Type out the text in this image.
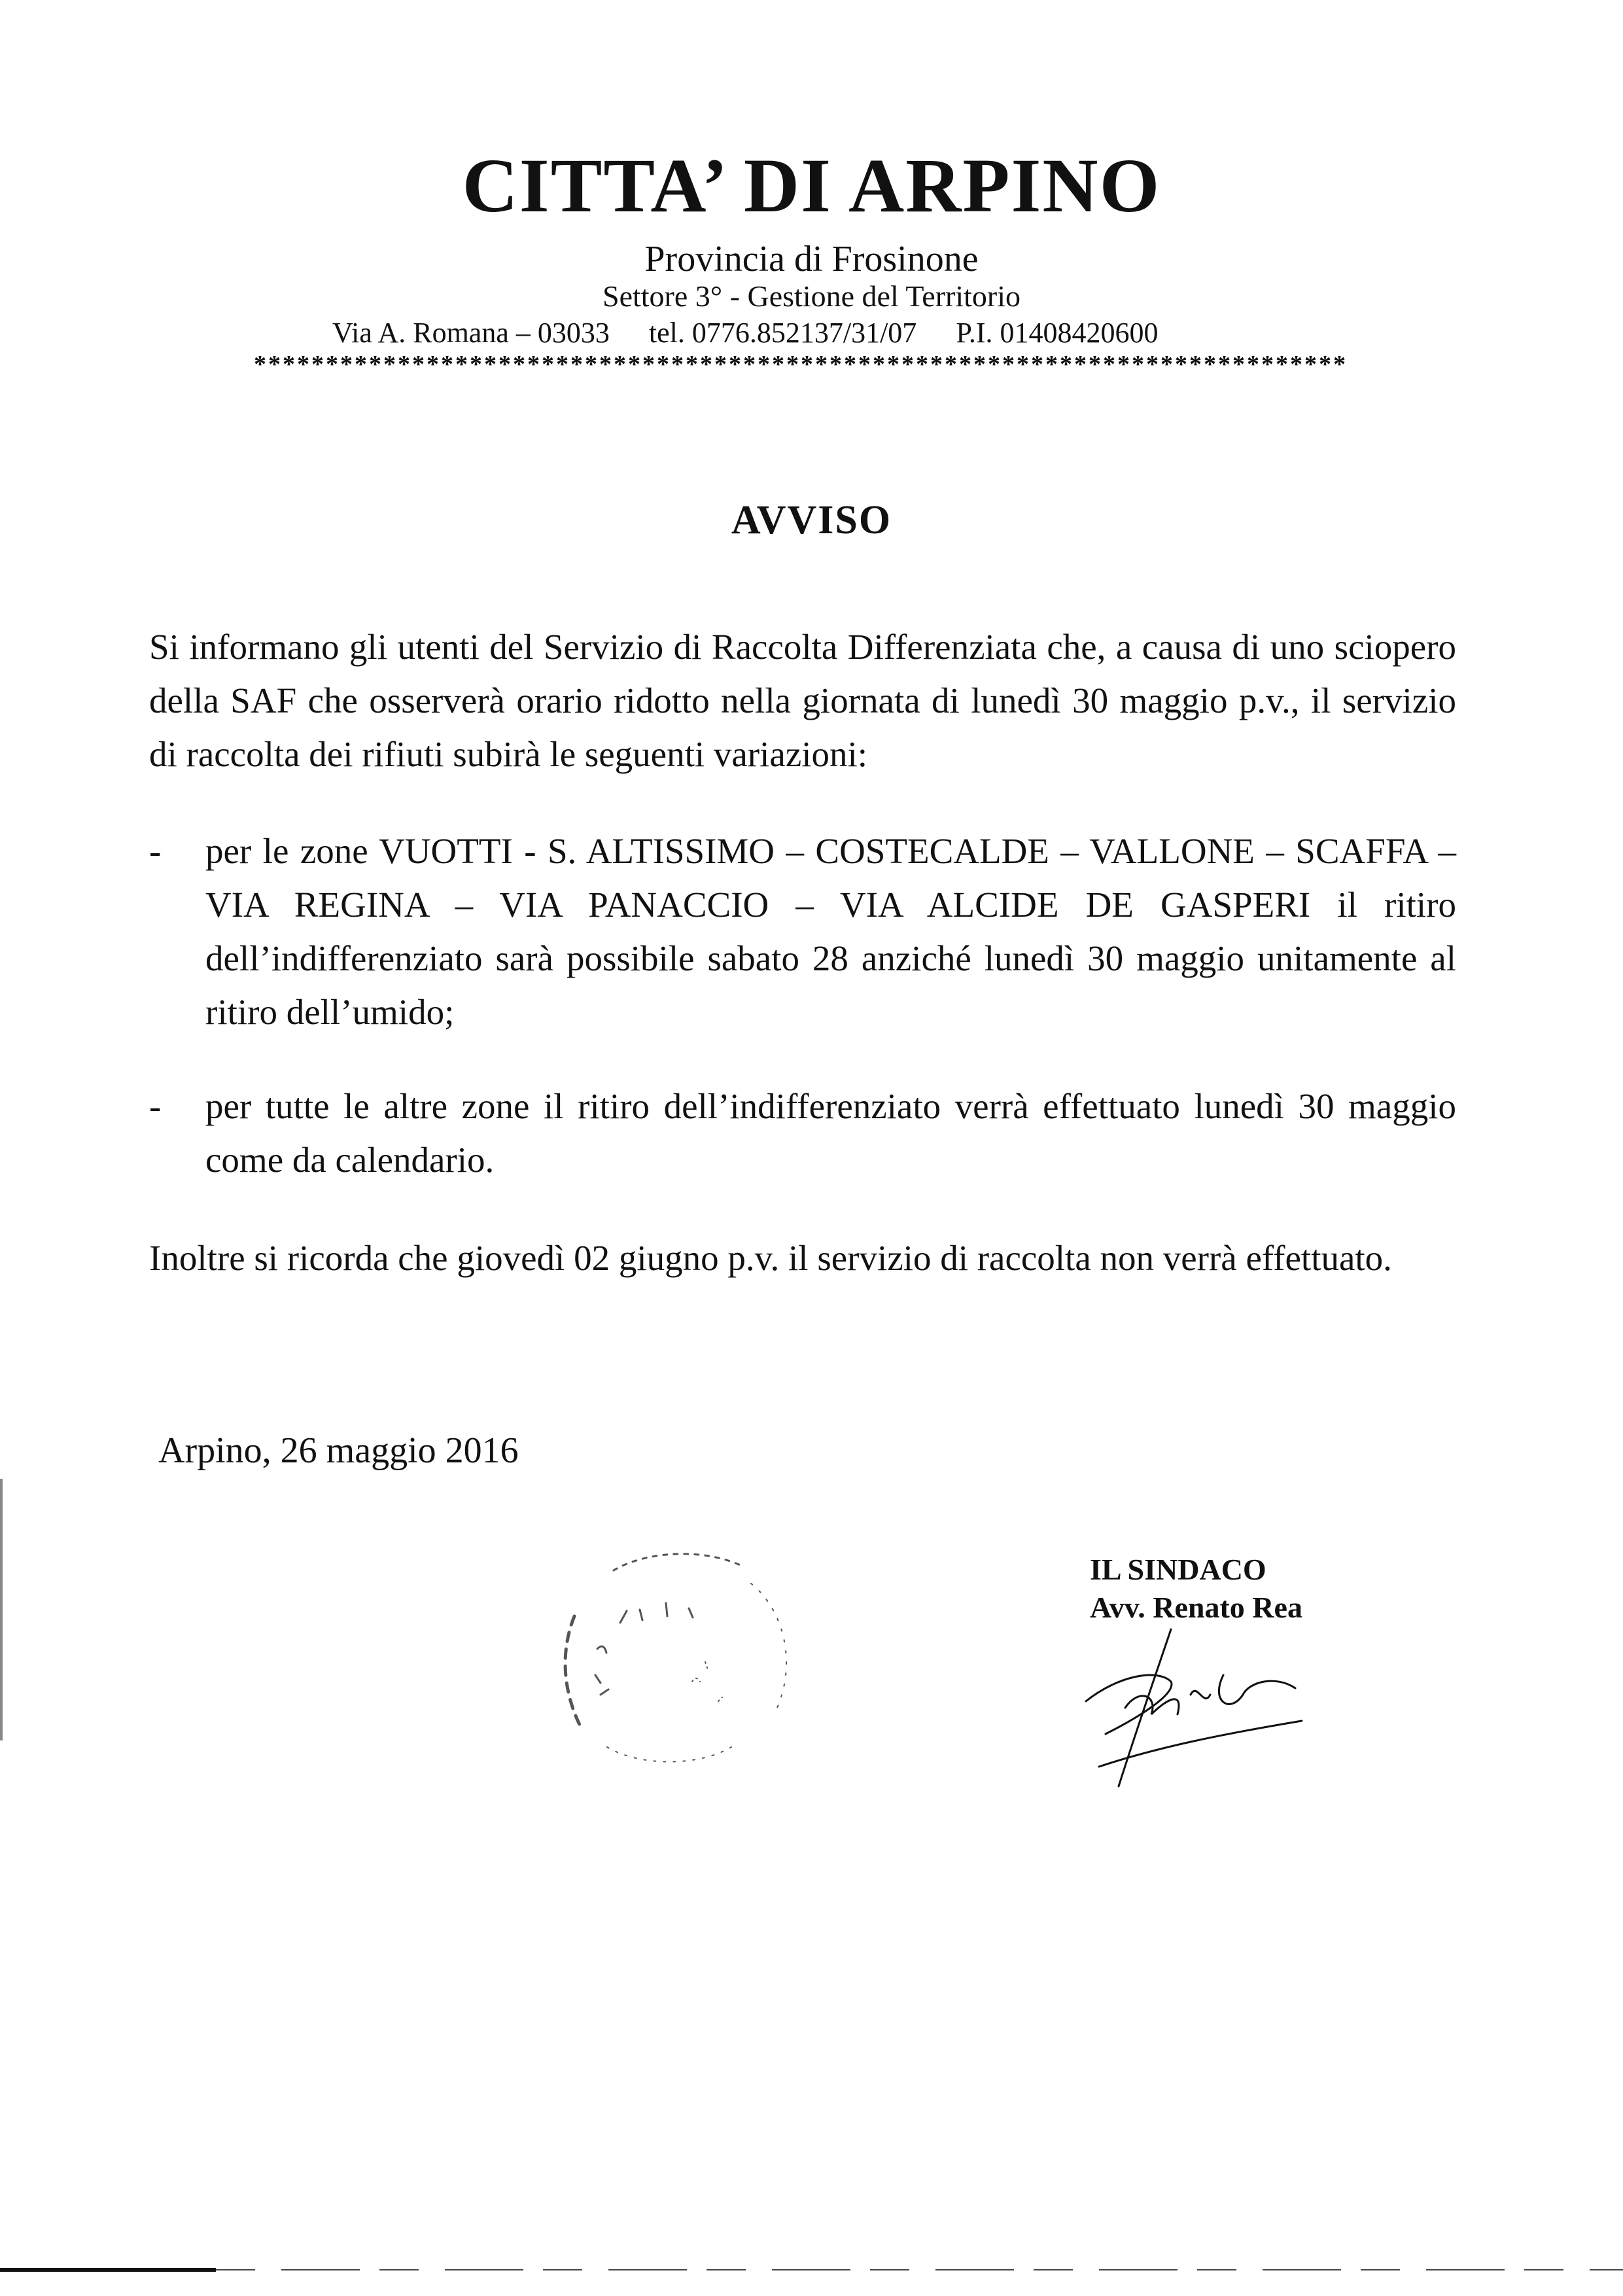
CITTA’ DI ARPINO
Provincia di Frosinone
Settore 3° - Gestione del Territorio
Via A. Romana – 03033 tel. 0776.852137/31/07 P.I. 01408420600
****************************************************************************
AVVISO
Si informano gli utenti del Servizio di Raccolta Differenziata che, a causa di uno sciopero della SAF che osserverà orario ridotto nella giornata di lunedì 30 maggio p.v., il servizio di raccolta dei rifiuti subirà le seguenti variazioni:
-	per le zone VUOTTI - S. ALTISSIMO – COSTECALDE – VALLONE – SCAFFA – VIA REGINA – VIA PANACCIO – VIA ALCIDE DE GASPERI il ritiro dell’indifferenziato sarà possibile sabato 28 anziché lunedì 30 maggio unitamente al ritiro dell’umido;
-	per tutte le altre zone il ritiro dell’indifferenziato verrà effettuato lunedì 30 maggio come da calendario.
Inoltre si ricorda che giovedì 02 giugno p.v. il servizio di raccolta non verrà effettuato.
Arpino, 26 maggio 2016
IL SINDACO
Avv. Renato Rea
